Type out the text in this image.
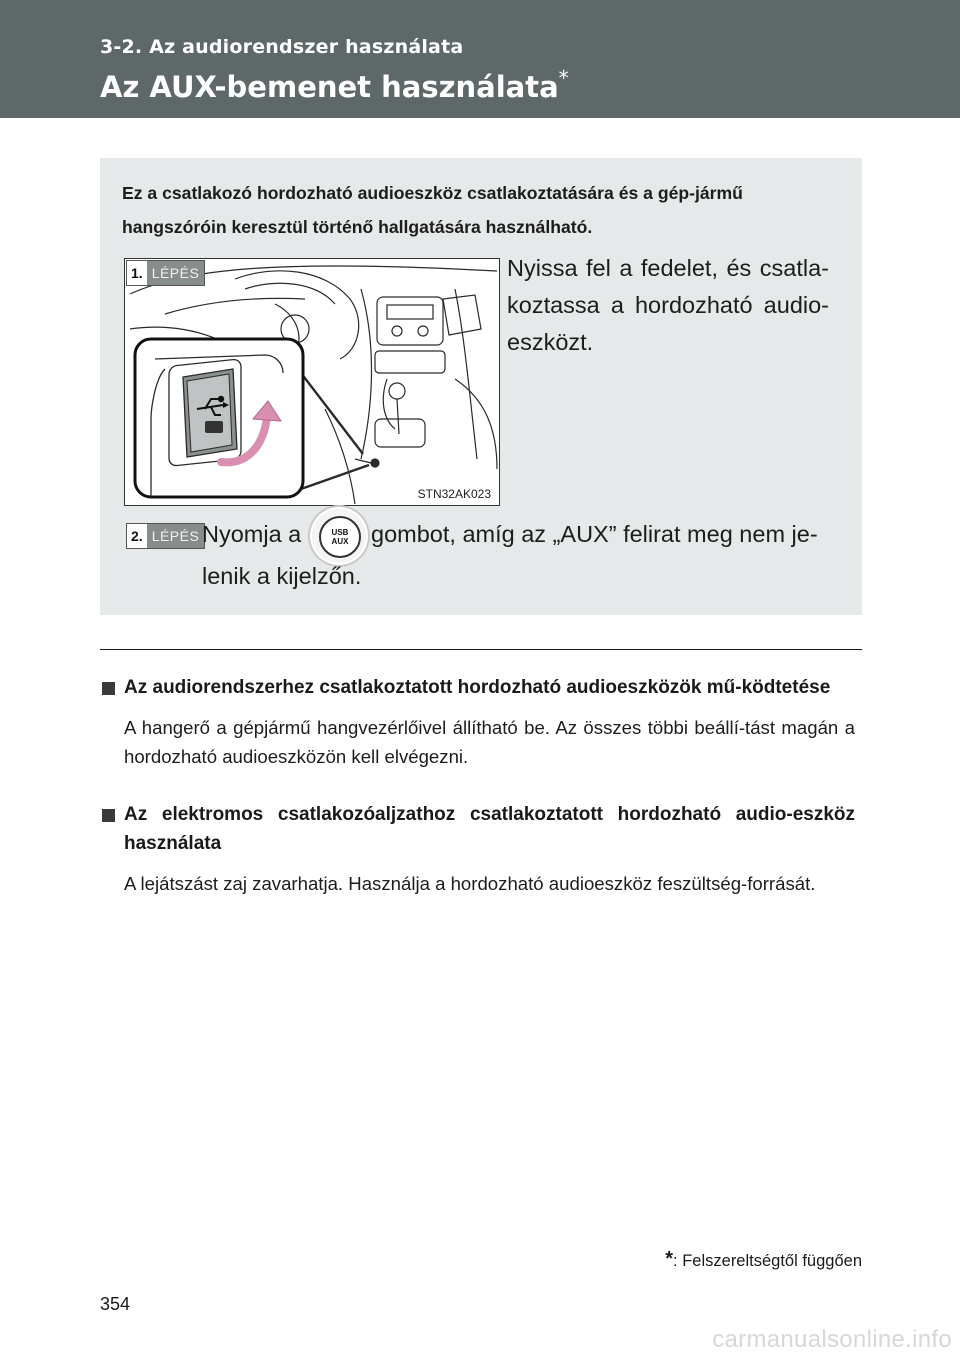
3-2. Az audiorendszer használata
Az AUX-bemenet használata*
Ez a csatlakozó hordozható audioeszköz csatlakoztatására és a gép-jármű hangszóróin keresztül történő hallgatására használható.
STN32AK023
1. LÉPÉS	Nyissa fel a fedelet, és csatla-koztassa a hordozható audio-eszközt.
2. LÉPÉS Nyomja a	USB
AUX gombot, amíg az „AUX” felirat meg nem je-
lenik a kijelzőn.
Az audiorendszerhez csatlakoztatott hordozható audioeszközök mű-ködtetése
A hangerő a gépjármű hangvezérlőivel állítható be. Az összes többi beállí-tást magán a hordozható audioeszközön kell elvégezni.
Az elektromos csatlakozóaljzathoz csatlakoztatott hordozható audio-eszköz használata
A lejátszást zaj zavarhatja. Használja a hordozható audioeszköz feszültség-forrását.
*: Felszereltségtől függően
354
carmanualsonline.info
